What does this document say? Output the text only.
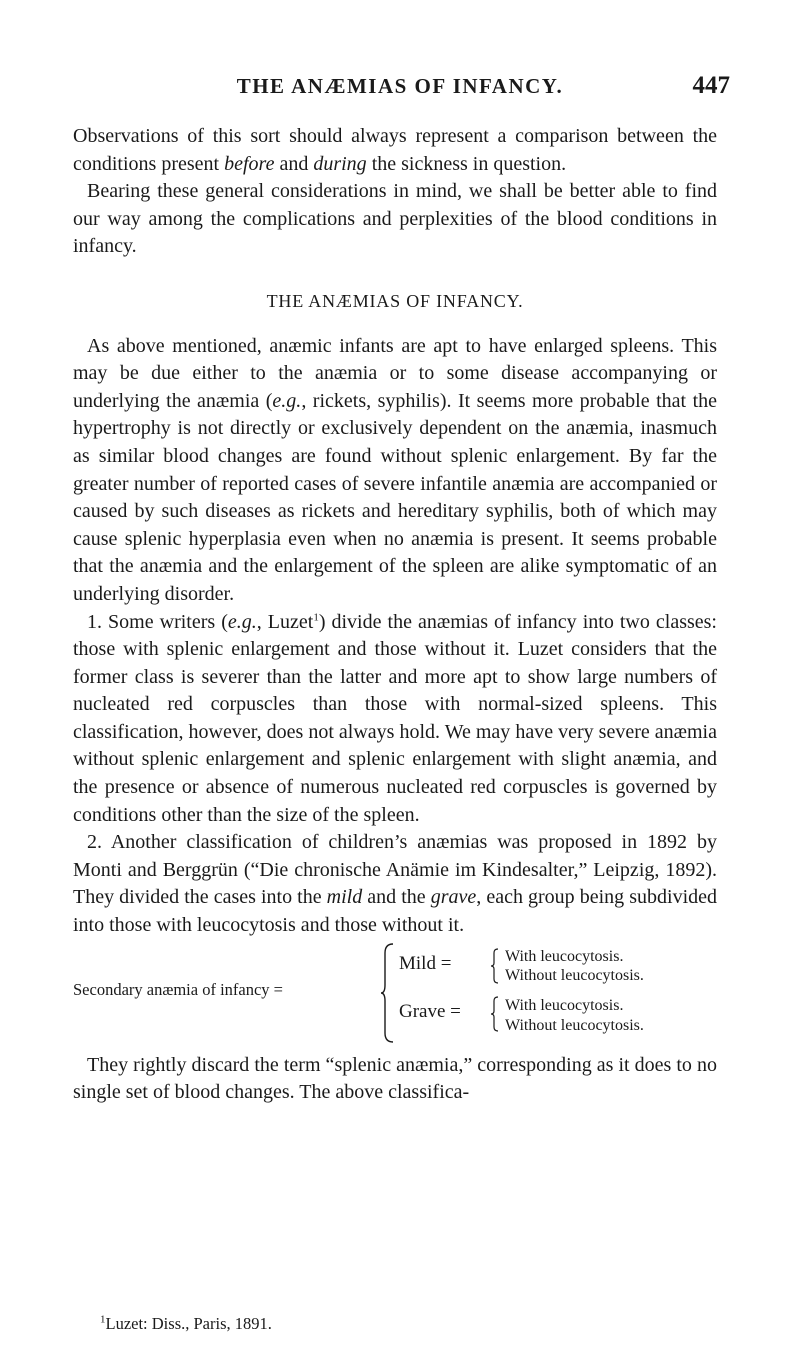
THE ANÆMIAS OF INFANCY.	447

Observations of this sort should always represent a comparison between the conditions present before and during the sickness in question.

Bearing these general considerations in mind, we shall be better able to find our way among the complications and perplexities of the blood conditions in infancy.

THE ANÆMIAS OF INFANCY.

As above mentioned, anæmic infants are apt to have enlarged spleens. This may be due either to the anæmia or to some disease accompanying or underlying the anæmia (e.g., rickets, syphilis). It seems more probable that the hypertrophy is not directly or exclusively dependent on the anæmia, inasmuch as similar blood changes are found without splenic enlargement. By far the greater number of reported cases of severe infantile anæmia are accompanied or caused by such diseases as rickets and hereditary syphilis, both of which may cause splenic hyperplasia even when no anæmia is present. It seems probable that the anæmia and the enlargement of the spleen are alike symptomatic of an underlying disorder.

1. Some writers (e.g., Luzet$^1$) divide the anæmias of infancy into two classes: those with splenic enlargement and those without it. Luzet considers that the former class is severer than the latter and more apt to show large numbers of nucleated red corpuscles than those with normal-sized spleens. This classification, however, does not always hold. We may have very severe anæmia without splenic enlargement and splenic enlargement with slight anæmia, and the presence or absence of numerous nucleated red corpuscles is governed by conditions other than the size of the spleen.

2. Another classification of children’s anæmias was proposed in 1892 by Monti and Berggrün (“Die chronische Anämie im Kindesalter,” Leipzig, 1892). They divided the cases into the mild and the grave, each group being subdivided into those with leucocytosis and those without it.

Secondary anæmia of infancy =
Mild =	With leucocytosis.
Without leucocytosis.
Grave =	With leucocytosis.
Without leucocytosis.

They rightly discard the term “splenic anæmia,” corresponding as it does to no single set of blood changes. The above classifica-

$^1$Luzet: Diss., Paris, 1891.
